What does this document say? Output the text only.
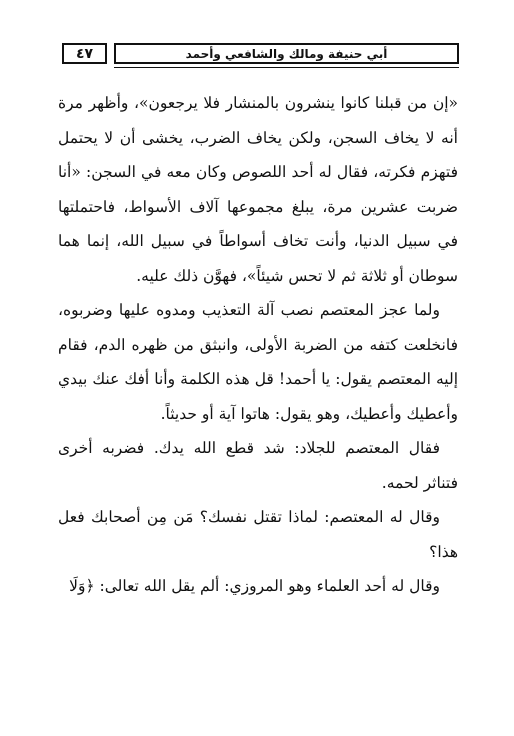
٤٧	أبي حنيفة ومالك والشافعي وأحمد

«إن من قبلنا كانوا ينشرون بالمنشار فلا يرجعون»، وأظهر مرة أنه لا يخاف السجن، ولكن يخاف الضرب، يخشى أن لا يحتمل فتهزم فكرته، فقال له أحد اللصوص وكان معه في السجن: «أنا ضربت عشرين مرة، يبلغ مجموعها آلاف الأسواط، فاحتملتها في سبيل الدنيا، وأنت تخاف أسواطاً في سبيل الله، إنما هما سوطان أو ثلاثة ثم لا تحس شيئاً»، فهوَّن ذلك عليه.

ولما عجز المعتصم نصب آلة التعذيب ومدوه عليها وضربوه، فانخلعت كتفه من الضربة الأولى، وانبثق من ظهره الدم، فقام إليه المعتصم يقول: يا أحمد! قل هذه الكلمة وأنا أفك عنك بيدي وأعطيك وأعطيك، وهو يقول: هاتوا آية أو حديثاً.

فقال المعتصم للجلاد: شد قطع الله يدك. فضربه أخرى فتناثر لحمه.

وقال له المعتصم: لماذا تقتل نفسك؟ مَن مِن أصحابك فعل هذا؟

وقال له أحد العلماء وهو المروزي: ألم يقل الله تعالى: ﴿وَلَا
